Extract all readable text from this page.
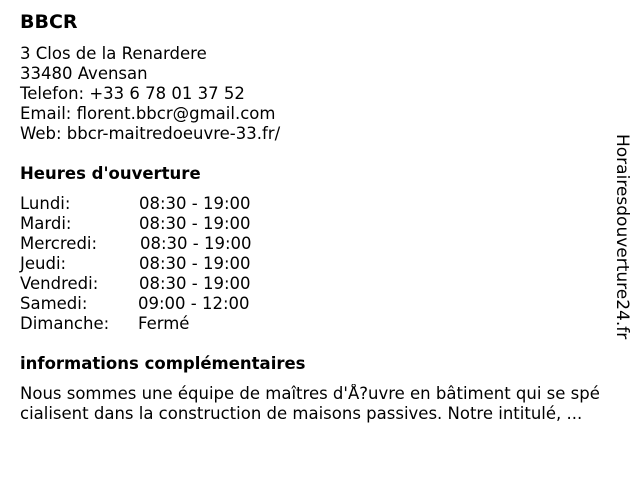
BBCR
3 Clos de la Renardere
33480 Avensan
Telefon: +33 6 78 01 37 52
Email: florent.bbcr@gmail.com
Web: bbcr-maitredoeuvre-33.fr/
Heures d'ouverture
Lundi:	08:30 - 19:00
Mardi:	08:30 - 19:00
Mercredi:	08:30 - 19:00
Jeudi:	08:30 - 19:00
Vendredi: 08:30 - 19:00
Samedi:	09:00 - 12:00
Dimanche: Fermé
informations complémentaires
Nous sommes une équipe de maîtres d'Å?uvre en bâtiment qui se spé
cialisent dans la construction de maisons passives. Notre intitulé, ...
Horairesdouverture24.fr
